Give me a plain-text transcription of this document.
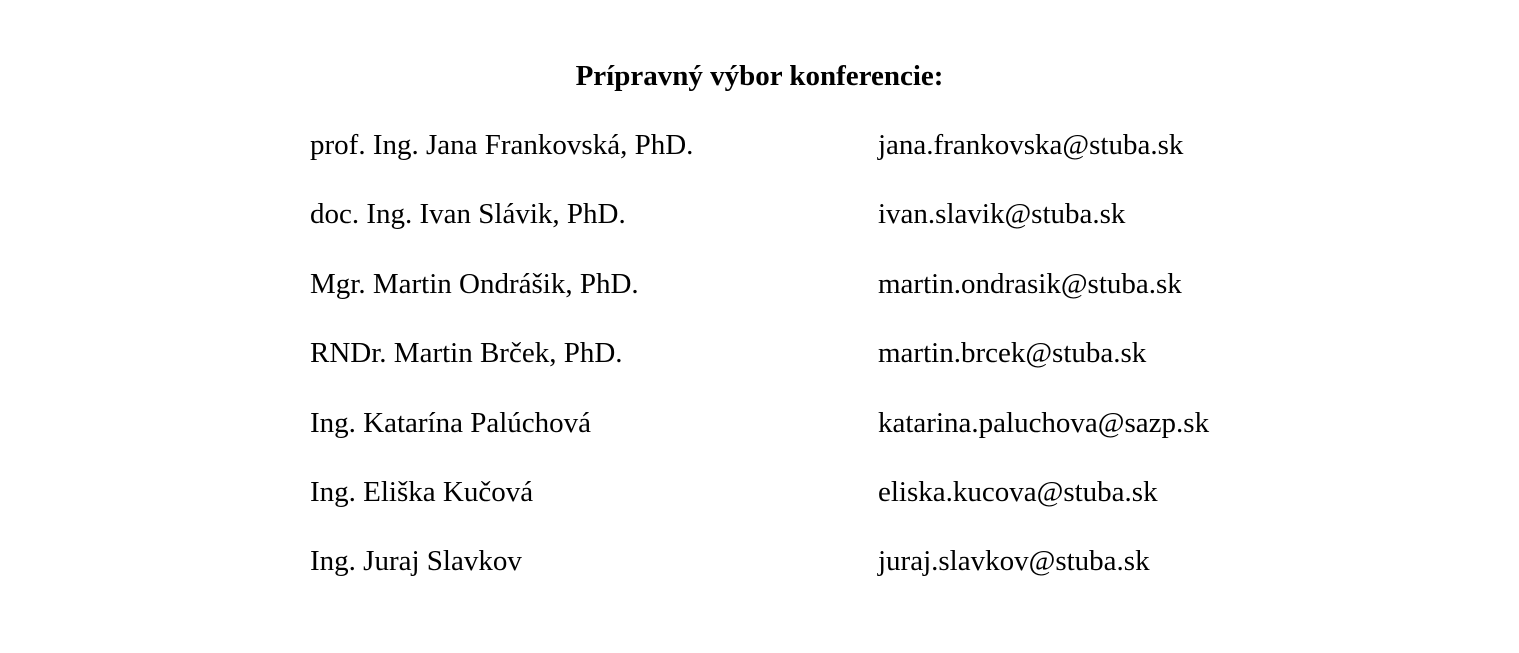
Prípravný výbor konferencie:
prof. Ing. Jana Frankovská, PhD.	jana.frankovska@stuba.sk
doc. Ing. Ivan Slávik, PhD.	ivan.slavik@stuba.sk
Mgr. Martin Ondrášik, PhD.	martin.ondrasik@stuba.sk
RNDr. Martin Brček, PhD.	martin.brcek@stuba.sk
Ing. Katarína Palúchová	katarina.paluchova@sazp.sk
Ing. Eliška Kučová	eliska.kucova@stuba.sk
Ing. Juraj Slavkov	juraj.slavkov@stuba.sk
